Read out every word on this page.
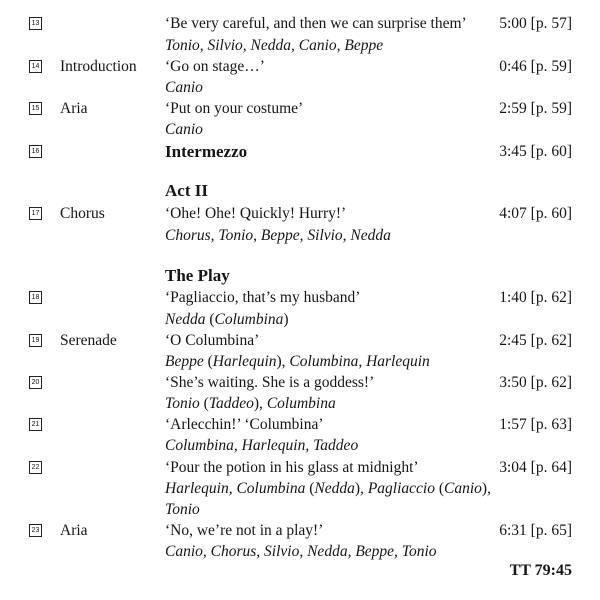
13	‘Be very careful, and then we can surprise them’ 5:00 [p. 57]
Tonio, Silvio, Nedda, Canio, Beppe
14 Introduction ‘Go on stage…’	0:46 [p. 59]
Canio
15 Aria	‘Put on your costume’	2:59 [p. 59]
Canio
16	Intermezzo	3:45 [p. 60]
Act II
17 Chorus	‘Ohe! Ohe! Quickly! Hurry!’	4:07 [p. 60]
Chorus, Tonio, Beppe, Silvio, Nedda
The Play
18	‘Pagliaccio, that’s my husband’	1:40 [p. 62]
Nedda (Columbina)
19 Serenade	‘O Columbina’	2:45 [p. 62]
Beppe (Harlequin), Columbina, Harlequin
20	‘She’s waiting. She is a goddess!’	3:50 [p. 62]
Tonio (Taddeo), Columbina
21	‘Arlecchin!’ ‘Columbina’	1:57 [p. 63]
Columbina, Harlequin, Taddeo
22	‘Pour the potion in his glass at midnight’	3:04 [p. 64]
Harlequin, Columbina (Nedda), Pagliaccio (Canio),
Tonio
23 Aria	‘No, we’re not in a play!’	6:31 [p. 65]
Canio, Chorus, Silvio, Nedda, Beppe, Tonio
TT 79:45
